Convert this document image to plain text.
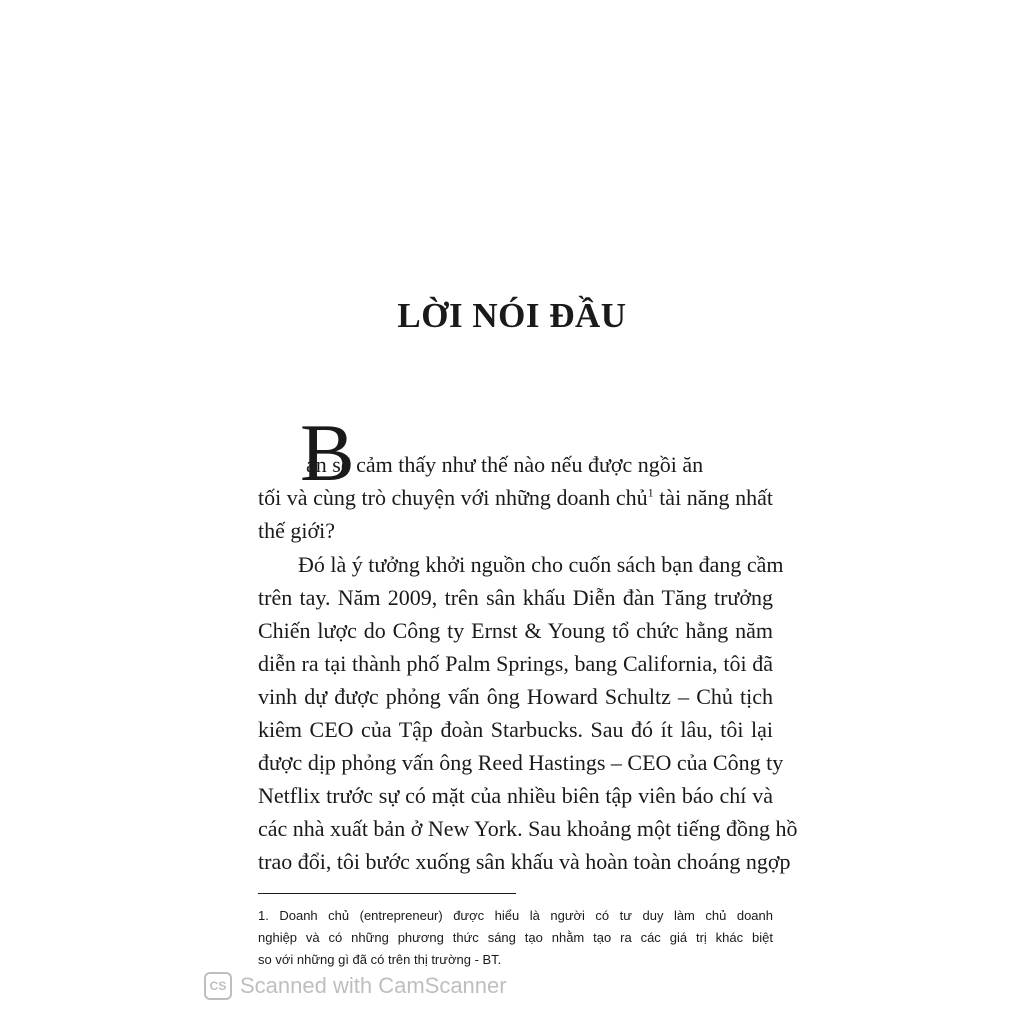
LỜI NÓI ĐẦU
B
ạn sẽ cảm thấy như thế nào nếu được ngồi ăn
tối và cùng trò chuyện với những doanh chủ$^1$ tài năng nhất
thế giới?
Đó là ý tưởng khởi nguồn cho cuốn sách bạn đang cầm
trên tay. Năm 2009, trên sân khấu Diễn đàn Tăng trưởng
Chiến lược do Công ty Ernst & Young tổ chức hằng năm
diễn ra tại thành phố Palm Springs, bang California, tôi đã
vinh dự được phỏng vấn ông Howard Schultz – Chủ tịch
kiêm CEO của Tập đoàn Starbucks. Sau đó ít lâu, tôi lại
được dịp phỏng vấn ông Reed Hastings – CEO của Công ty
Netflix trước sự có mặt của nhiều biên tập viên báo chí và
các nhà xuất bản ở New York. Sau khoảng một tiếng đồng hồ
trao đổi, tôi bước xuống sân khấu và hoàn toàn choáng ngợp
1. Doanh chủ (entrepreneur) được hiểu là người có tư duy làm chủ doanh
nghiệp và có những phương thức sáng tạo nhằm tạo ra các giá trị khác biệt
so với những gì đã có trên thị trường - BT.
CS Scanned with CamScanner
